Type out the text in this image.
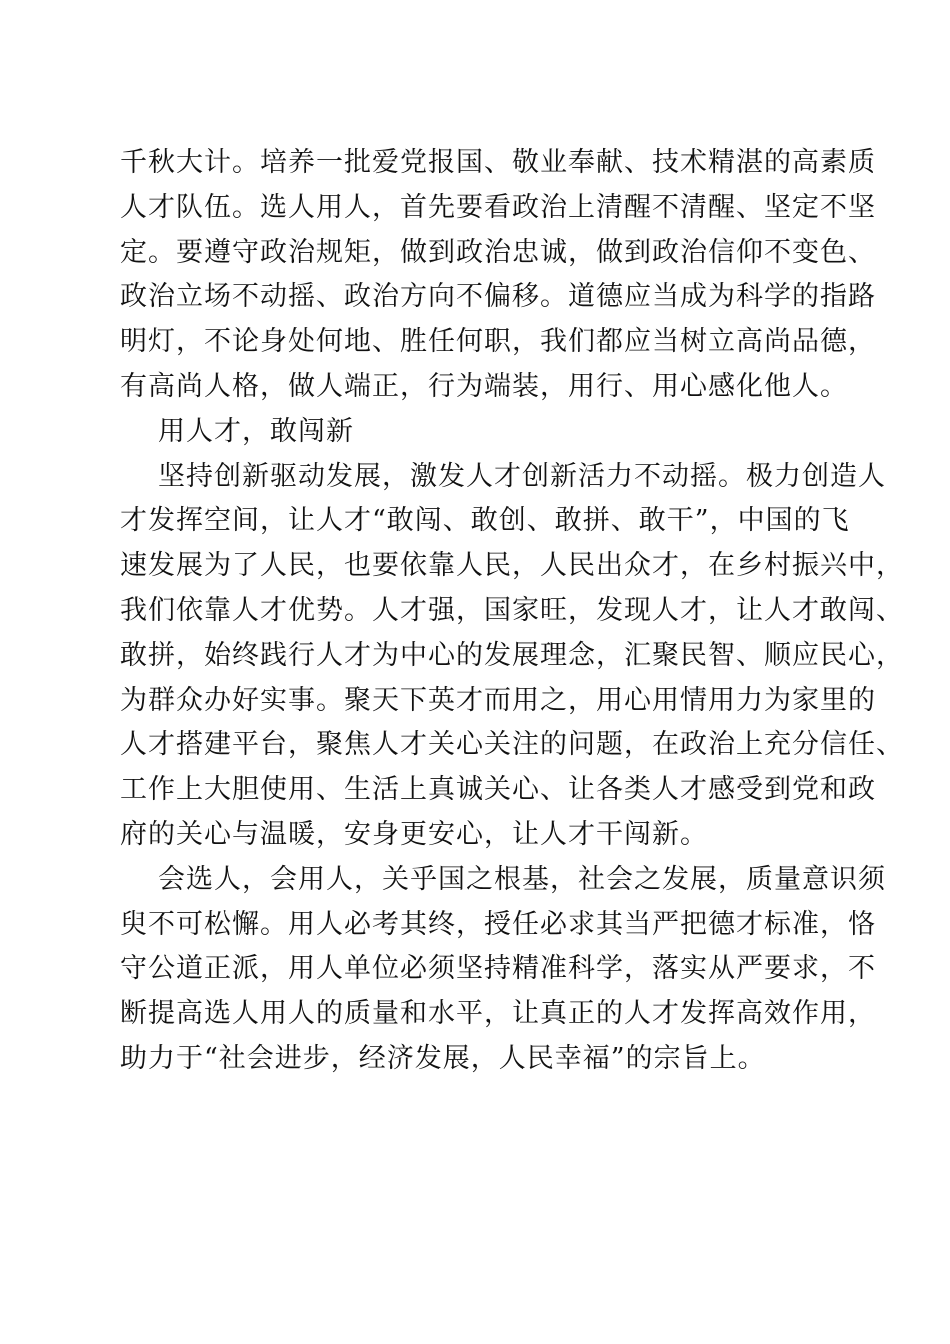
千秋大计。培养一批爱党报国、敬业奉献、技术精湛的高素质
人才队伍。选人用人，首先要看政治上清醒不清醒、坚定不坚
定。要遵守政治规矩，做到政治忠诚，做到政治信仰不变色、
政治立场不动摇、政治方向不偏移。道德应当成为科学的指路
明灯，不论身处何地、胜任何职，我们都应当树立高尚品德，
有高尚人格，做人端正，行为端装，用行、用心感化他人。
用人才，敢闯新
坚持创新驱动发展，激发人才创新活力不动摇。极力创造人
才发挥空间，让人才“敢闯、敢创、敢拼、敢干”，中国的飞
速发展为了人民，也要依靠人民，人民出众才，在乡村振兴中，
我们依靠人才优势。人才强，国家旺，发现人才，让人才敢闯、
敢拼，始终践行人才为中心的发展理念，汇聚民智、顺应民心，
为群众办好实事。聚天下英才而用之，用心用情用力为家里的
人才搭建平台，聚焦人才关心关注的问题，在政治上充分信任、
工作上大胆使用、生活上真诚关心、让各类人才感受到党和政
府的关心与温暖，安身更安心，让人才干闯新。
会选人，会用人，关乎国之根基，社会之发展，质量意识须
臾不可松懈。用人必考其终，授任必求其当严把德才标准，恪
守公道正派，用人单位必须坚持精准科学，落实从严要求，不
断提高选人用人的质量和水平，让真正的人才发挥高效作用，
助力于“社会进步，经济发展，人民幸福”的宗旨上。
